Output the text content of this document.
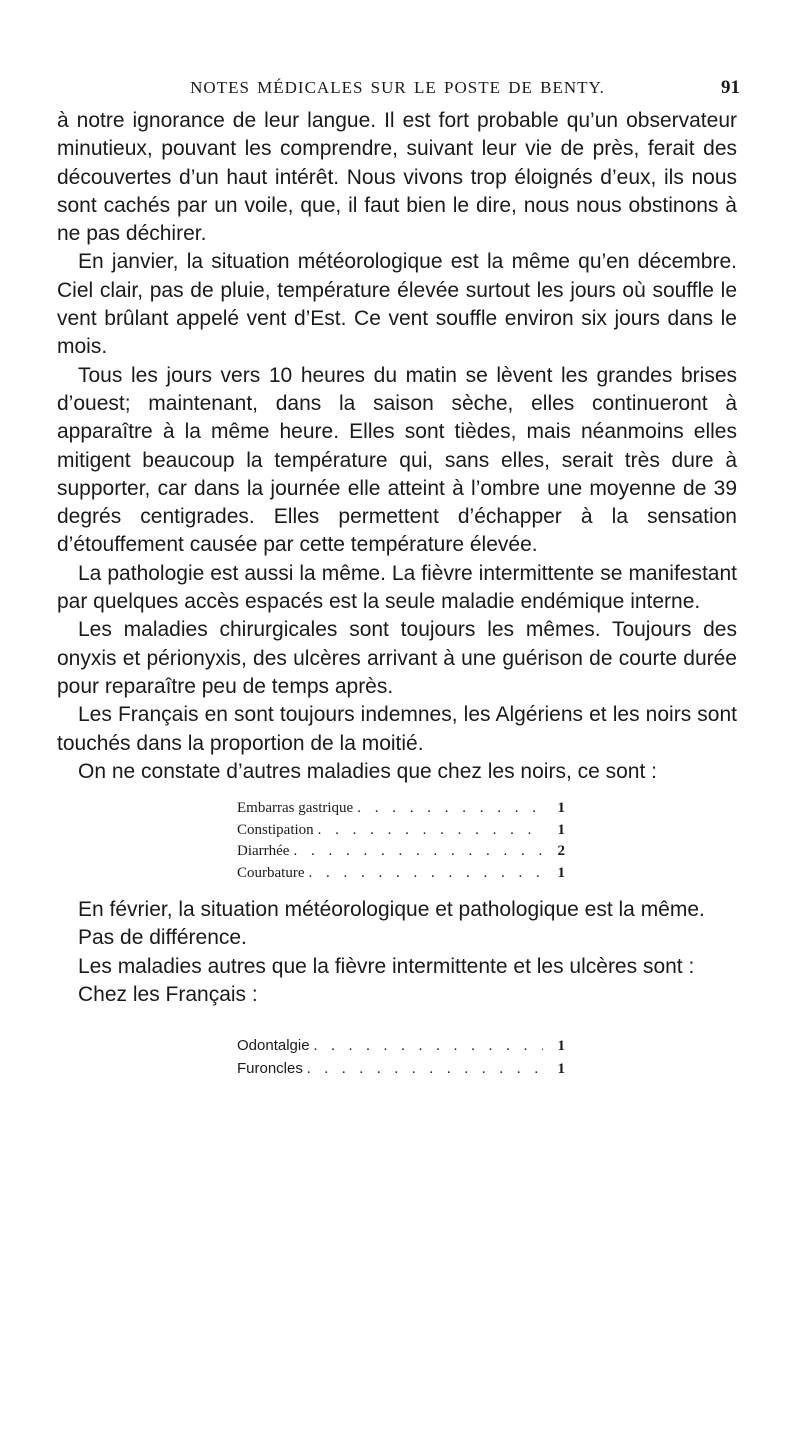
NOTES MÉDICALES SUR LE POSTE DE BENTY.	91

à notre ignorance de leur langue. Il est fort probable qu’un observateur minutieux, pouvant les comprendre, suivant leur vie de près, ferait des découvertes d’un haut intérêt. Nous vivons trop éloignés d’eux, ils nous sont cachés par un voile, que, il faut bien le dire, nous nous obstinons à ne pas déchirer.

En janvier, la situation météorologique est la même qu’en décembre. Ciel clair, pas de pluie, température élevée surtout les jours où souffle le vent brûlant appelé vent d’Est. Ce vent souffle environ six jours dans le mois.

Tous les jours vers 10 heures du matin se lèvent les grandes brises d’ouest; maintenant, dans la saison sèche, elles continueront à apparaître à la même heure. Elles sont tièdes, mais néanmoins elles mitigent beaucoup la température qui, sans elles, serait très dure à supporter, car dans la journée elle atteint à l’ombre une moyenne de 39 degrés centigrades. Elles permettent d’échapper à la sensation d’étouffement causée par cette température élevée.

La pathologie est aussi la même. La fièvre intermittente se manifestant par quelques accès espacés est la seule maladie endémique interne.

Les maladies chirurgicales sont toujours les mêmes. Toujours des onyxis et périonyxis, des ulcères arrivant à une guérison de courte durée pour reparaître peu de temps après.

Les Français en sont toujours indemnes, les Algériens et les noirs sont touchés dans la proportion de la moitié.

On ne constate d’autres maladies que chez les noirs, ce sont :

Embarras gastrique . . .	1
Constipation . . .	1
Diarrhée . . .	2
Courbature . . .	1

En février, la situation météorologique et pathologique est la même.

Pas de différence.

Les maladies autres que la fièvre intermittente et les ulcères sont :

Chez les Français :

Odontalgie . . .	1
Furoncles . . .	1
